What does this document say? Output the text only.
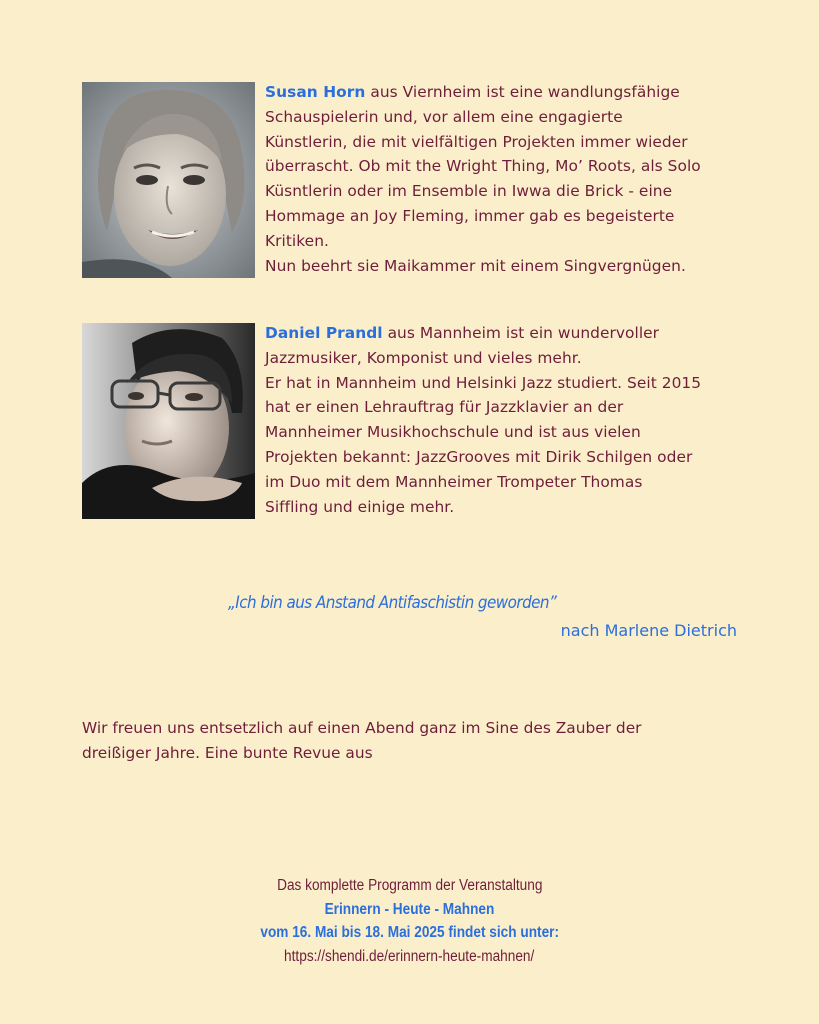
Susan Horn aus Viernheim ist eine wandlungsfähige
Schauspielerin und, vor allem eine engagierte
Künstlerin, die mit vielfältigen Projekten immer wieder
überrascht. Ob mit the Wright Thing, Mo’ Roots, als Solo
Küsntlerin oder im Ensemble in Iwwa die Brick - eine
Hommage an Joy Fleming, immer gab es begeisterte
Kritiken.
Nun beehrt sie Maikammer mit einem Singvergnügen.
Daniel Prandl aus Mannheim ist ein wundervoller
Jazzmusiker, Komponist und vieles mehr.
Er hat in Mannheim und Helsinki Jazz studiert. Seit 2015
hat er einen Lehrauftrag für Jazzklavier an der
Mannheimer Musikhochschule und ist aus vielen
Projekten bekannt: JazzGrooves mit Dirik Schilgen oder
im Duo mit dem Mannheimer Trompeter Thomas
Siffling und einige mehr.
„Ich bin aus Anstand Antifaschistin geworden”
nach Marlene Dietrich
Wir freuen uns entsetzlich auf einen Abend ganz im Sine des Zauber der
dreißiger Jahre. Eine bunte Revue aus
Das komplette Programm der Veranstaltung
Erinnern - Heute - Mahnen
vom 16. Mai bis 18. Mai 2025 findet sich unter:
https://shendi.de/erinnern-heute-mahnen/
